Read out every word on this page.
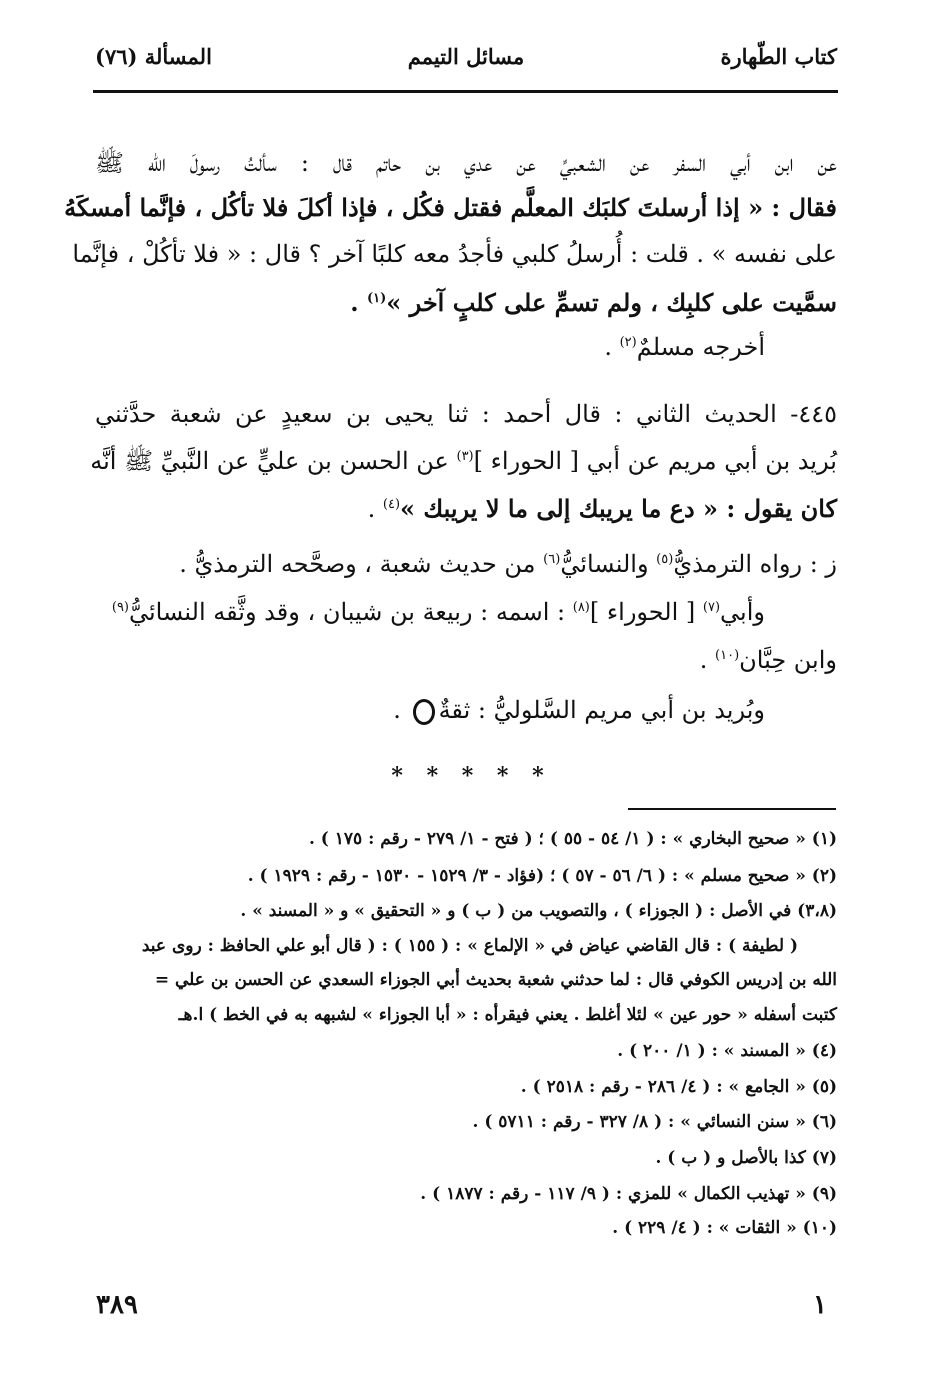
كتاب الطّهارة
مسائل التيمم
المسألة (٧٦)
عن ابن أبي السفر عن الشعبيِّ عن عدي بن حاتم قال : سألتُ رسولَ الله ﷺ
فقال : « إذا أرسلتَ كلبَك المعلَّم فقتل فكُل ، فإذا أكلَ فلا تأكُل ، فإنَّما أمسكَهُ
على نفسه » . قلت : أُرسلُ كلبي فأجدُ معه كلبًا آخر ؟ قال : « فلا تأكُلْ ، فإنَّما
سمَّيت على كلبِك ، ولم تسمِّ على كلبٍ آخر »$^{(١)}$ .
أخرجه مسلمٌ$^{(٢)}$ .
٤٤٥- الحديث الثاني : قال أحمد : ثنا يحيى بن سعيدٍ عن شعبة حدَّثني
بُريد بن أبي مريم عن أبي [ الحوراء ]$^{(٣)}$ عن الحسن بن عليٍّ عن النَّبيِّ ﷺ أنَّه
كان يقول : « دع ما يريبك إلى ما لا يريبك »$^{(٤)}$ .
ز : رواه الترمذيُّ$^{(٥)}$ والنسائيُّ$^{(٦)}$ من حديث شعبة ، وصحَّحه الترمذيُّ .
وأبي$^{(٧)}$ [ الحوراء ]$^{(٨)}$ : اسمه : ربيعة بن شيبان ، وقد وثَّقه النسائيُّ$^{(٩)}$
وابن حِبَّان$^{(١٠)}$ .
وبُريد بن أبي مريم السَّلوليُّ : ثقةٌ .
* * * * *
(١) « صحيح البخاري » : ( ١/ ٥٤ - ٥٥ ) ؛ ( فتح - ١/ ٢٧٩ - رقم : ١٧٥ ) .
(٢) « صحيح مسلم » : ( ٦/ ٥٦ - ٥٧ ) ؛ (فؤاد - ٣/ ١٥٢٩ - ١٥٣٠ - رقم : ١٩٢٩ ) .
(٣،٨) في الأصل : ( الجوزاء ) ، والتصويب من ( ب ) و « التحقيق » و « المسند » .
( لطيفة ) : قال القاضي عياض في « الإلماع » : ( ١٥٥ ) : ( قال أبو علي الحافظ : روى عبد
الله بن إدريس الكوفي قال : لما حدثني شعبة بحديث أبي الجوزاء السعدي عن الحسن بن علي =
كتبت أسفله « حور عين » لئلا أغلط . يعني فيقرأه : « أبا الجوزاء » لشبهه به في الخط ) ا.هـ
(٤) « المسند » : ( ١/ ٢٠٠ ) .
(٥) « الجامع » : ( ٤/ ٢٨٦ - رقم : ٢٥١٨ ) .
(٦) « سنن النسائي » : ( ٨/ ٣٢٧ - رقم : ٥٧١١ ) .
(٧) كذا بالأصل و ( ب ) .
(٩) « تهذيب الكمال » للمزي : ( ٩/ ١١٧ - رقم : ١٨٧٧ ) .
(١٠) « الثقات » : ( ٤/ ٢٢٩ ) .
٣٨٩	١
